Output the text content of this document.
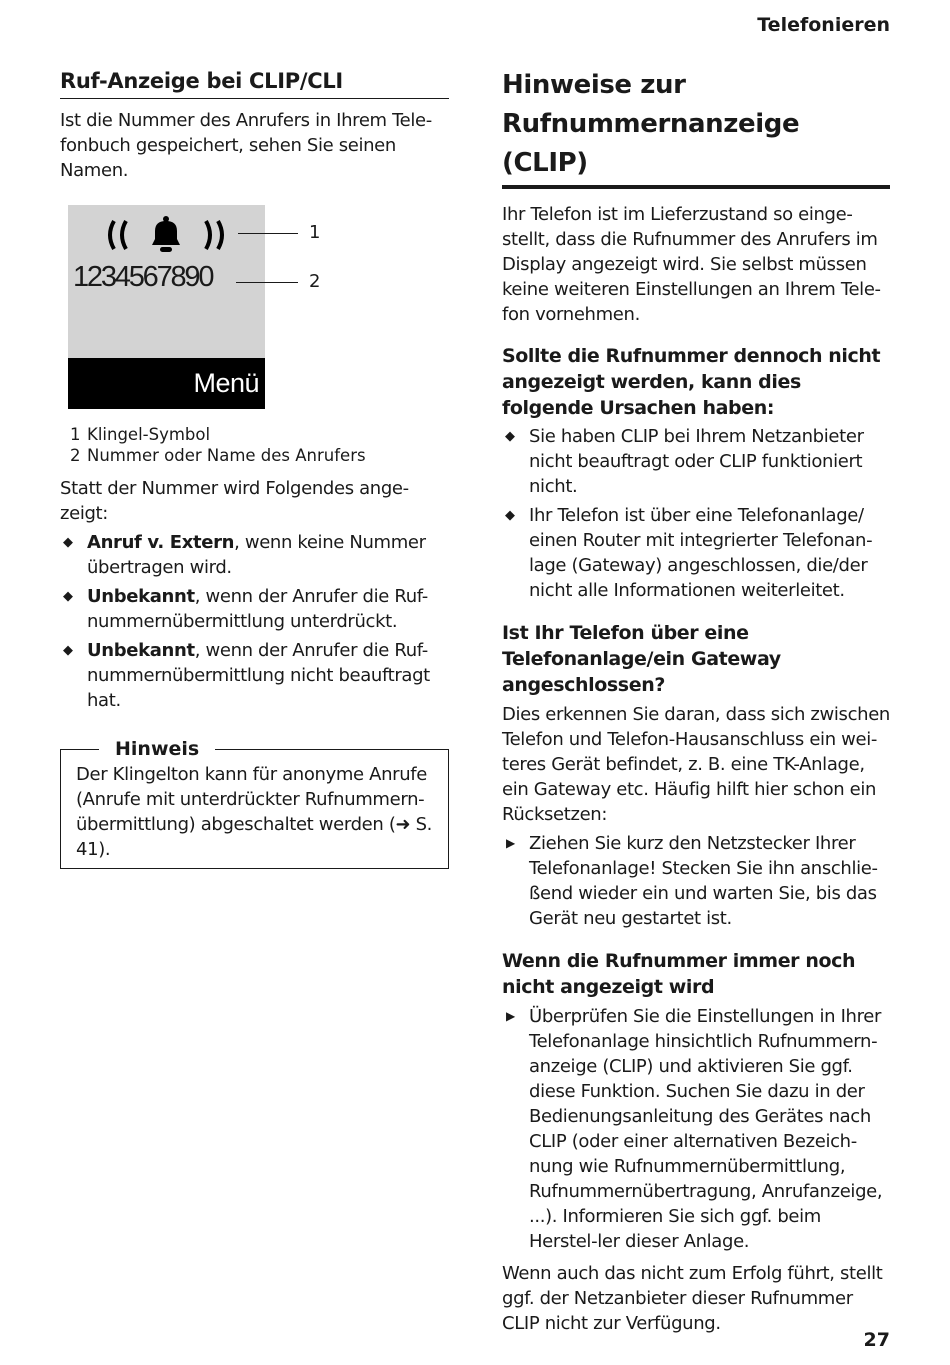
Telefonieren
Ruf-Anzeige bei CLIP/CLI

Ist die Nummer des Anrufers in Ihrem Tele-fonbuch gespeichert, sehen Sie seinen Namen.

1234567890
Menü
1
2
1 Klingel-Symbol
2 Nummer oder Name des Anrufers

Statt der Nummer wird Folgendes ange-zeigt:

◆ Anruf v. Extern, wenn keine Nummer übertragen wird.
◆ Unbekannt, wenn der Anrufer die Ruf-nummernübermittlung unterdrückt.
◆ Unbekannt, wenn der Anrufer die Ruf-nummernübermittlung nicht beauftragt hat.
Hinweis

Der Klingelton kann für anonyme Anrufe (Anrufe mit unterdrückter Rufnummern-übermittlung) abgeschaltet werden (➜ S. 41).

Hinweise zur Rufnummernanzeige (CLIP)

Ihr Telefon ist im Lieferzustand so einge-stellt, dass die Rufnummer des Anrufers im Display angezeigt wird. Sie selbst müssen keine weiteren Einstellungen an Ihrem Tele-fon vornehmen.

Sollte die Rufnummer dennoch nicht angezeigt werden, kann dies folgende Ursachen haben:
◆ Sie haben CLIP bei Ihrem Netzanbieter nicht beauftragt oder CLIP funktioniert nicht.
◆ Ihr Telefon ist über eine Telefonanlage/ einen Router mit integrierter Telefonan-lage (Gateway) angeschlossen, die/der nicht alle Informationen weiterleitet.
Ist Ihr Telefon über eine Telefonanlage/ein Gateway angeschlossen?

Dies erkennen Sie daran, dass sich zwischen Telefon und Telefon-Hausanschluss ein wei-teres Gerät befindet, z. B. eine TK-Anlage, ein Gateway etc. Häufig hilft hier schon ein Rücksetzen:

▶ Ziehen Sie kurz den Netzstecker Ihrer Telefonanlage! Stecken Sie ihn anschlie-ßend wieder ein und warten Sie, bis das Gerät neu gestartet ist.
Wenn die Rufnummer immer noch nicht angezeigt wird
▶ Überprüfen Sie die Einstellungen in Ihrer Telefonanlage hinsichtlich Rufnummern-anzeige (CLIP) und aktivieren Sie ggf. diese Funktion. Suchen Sie dazu in der Bedienungsanleitung des Gerätes nach CLIP (oder einer alternativen Bezeich-nung wie Rufnummernübermittlung, Rufnummernübertragung, Anrufanzeige, ...). Informieren Sie sich ggf. beim Herstel-ler dieser Anlage.

Wenn auch das nicht zum Erfolg führt, stellt ggf. der Netzanbieter dieser Rufnummer CLIP nicht zur Verfügung.

27
